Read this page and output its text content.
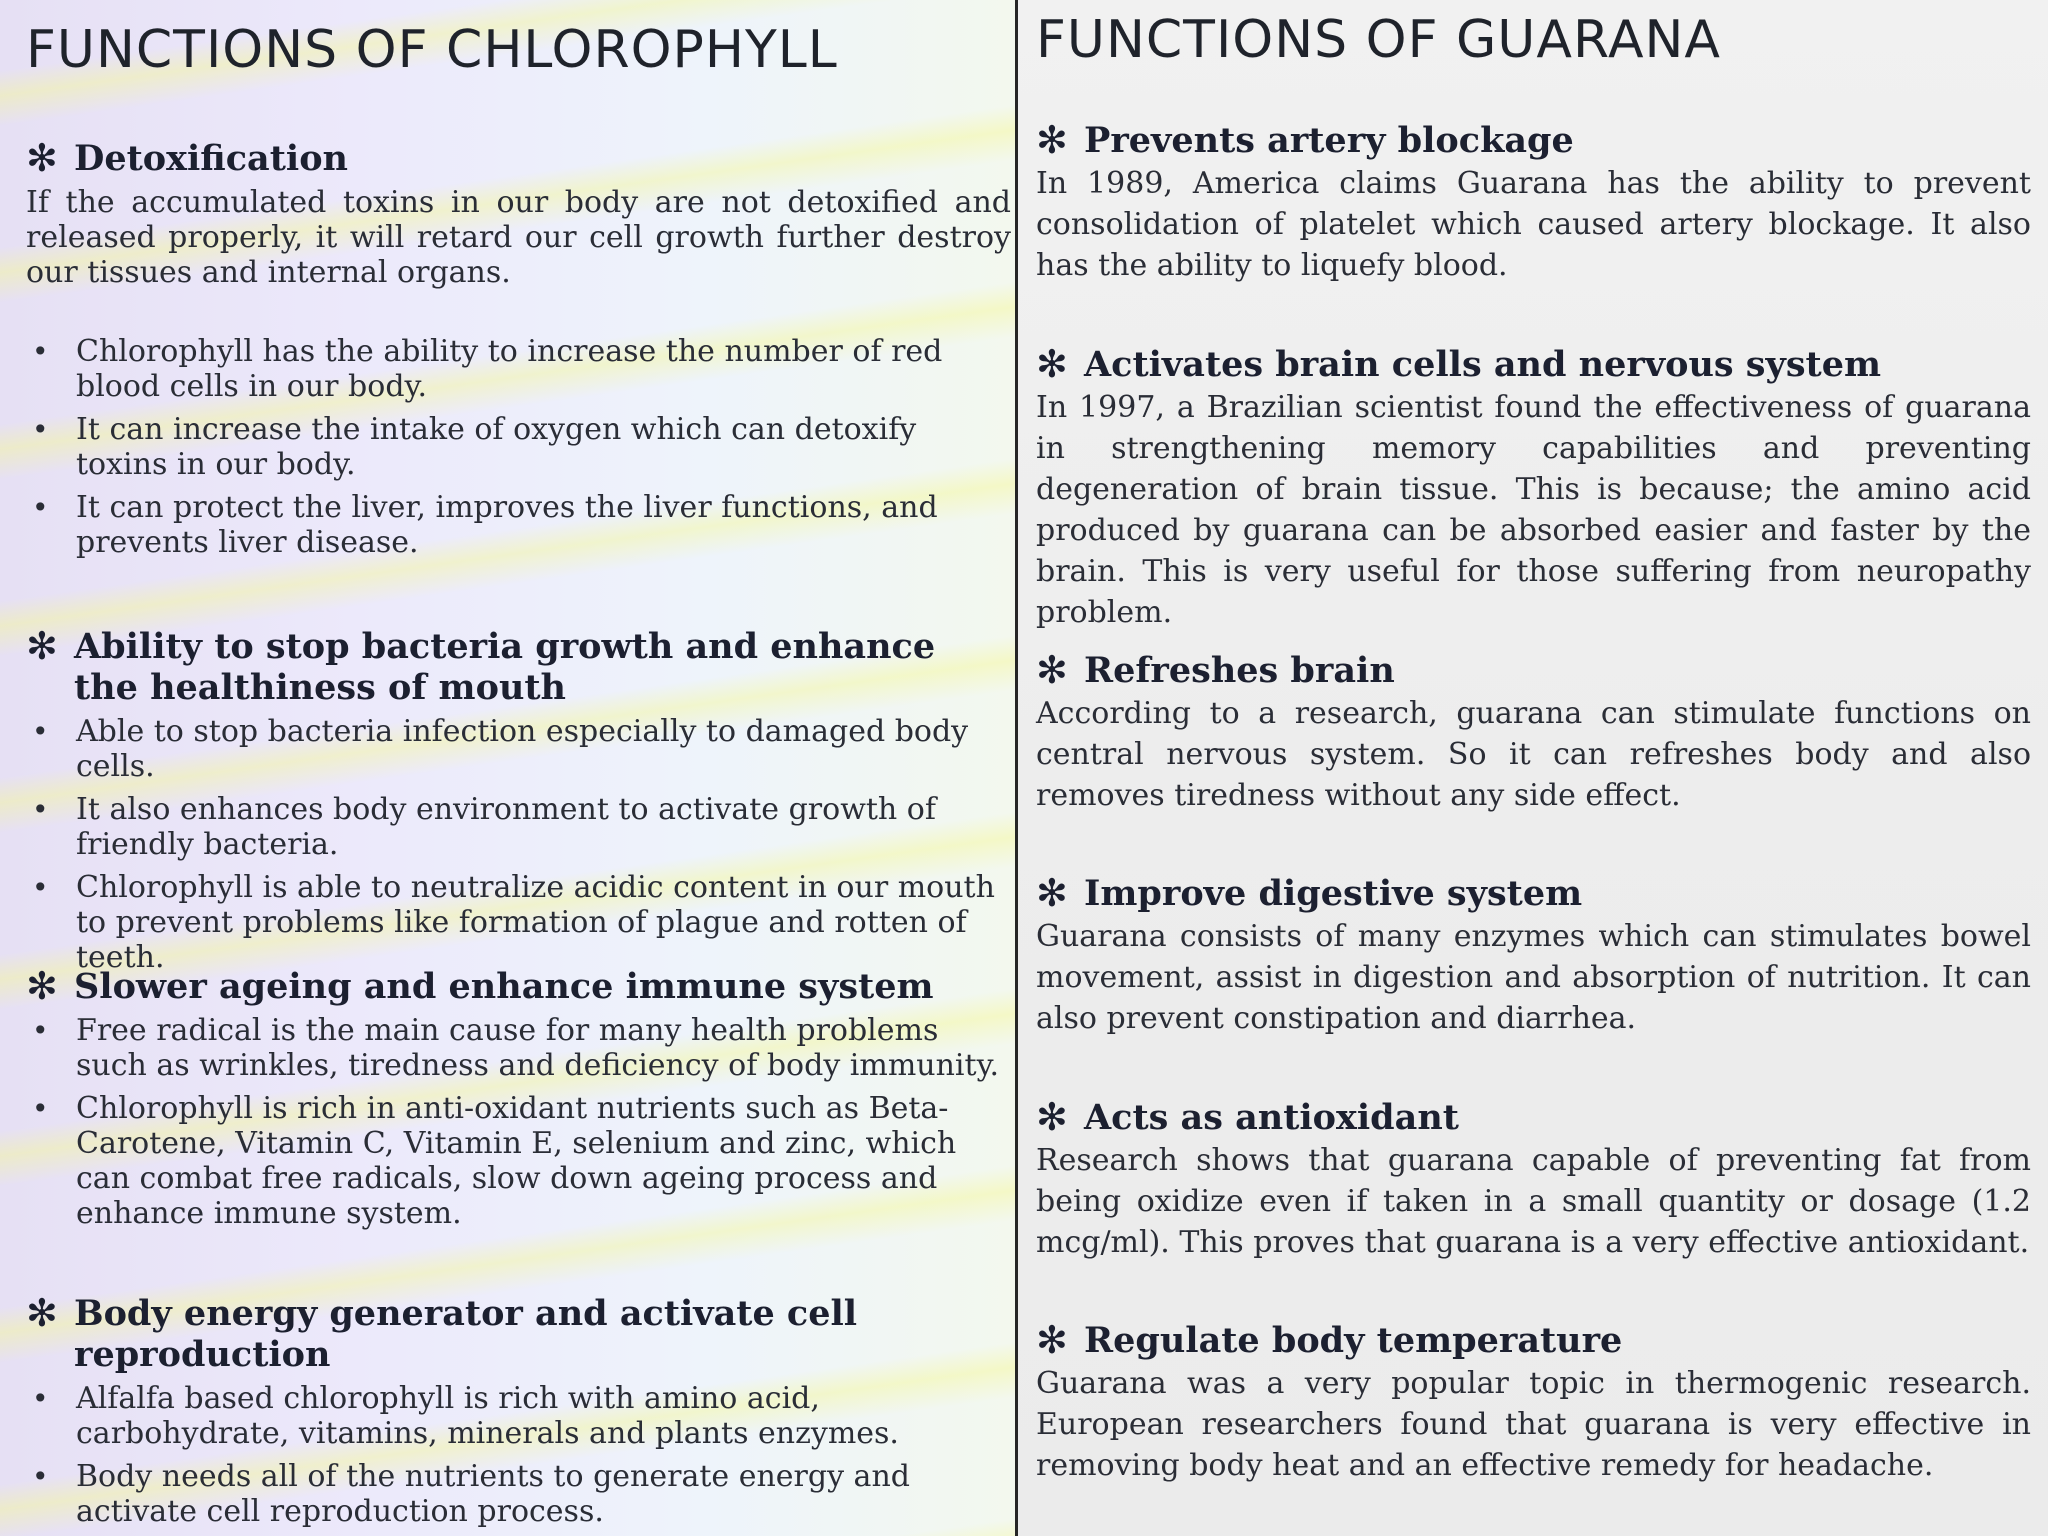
FUNCTIONS OF CHLOROPHYLL
✻ Detoxification

If the accumulated toxins in our body are not detoxified and released properly, it will retard our cell growth further destroy our tissues and internal organs.

• Chlorophyll has the ability to increase the number of red blood cells in our body.
• It can increase the intake of oxygen which can detoxify toxins in our body.
• It can protect the liver, improves the liver functions, and prevents liver disease.
✻ Ability to stop bacteria growth and enhance the healthiness of mouth
• Able to stop bacteria infection especially to damaged body cells.
• It also enhances body environment to activate growth of friendly bacteria.
• Chlorophyll is able to neutralize acidic content in our mouth to prevent problems like formation of plague and rotten of teeth.
✻ Slower ageing and enhance immune system
• Free radical is the main cause for many health problems such as wrinkles, tiredness and deficiency of body immunity.
• Chlorophyll is rich in anti-oxidant nutrients such as Beta-Carotene, Vitamin C, Vitamin E, selenium and zinc, which can combat free radicals, slow down ageing process and enhance immune system.
✻ Body energy generator and activate cell reproduction
• Alfalfa based chlorophyll is rich with amino acid, carbohydrate, vitamins, minerals and plants enzymes.
• Body needs all of the nutrients to generate energy and activate cell reproduction process.
FUNCTIONS OF GUARANA
✻ Prevents artery blockage

In 1989, America claims Guarana has the ability to prevent consolidation of platelet which caused artery blockage. It also has the ability to liquefy blood.

✻ Activates brain cells and nervous system

In 1997, a Brazilian scientist found the effectiveness of guarana in strengthening memory capabilities and preventing degeneration of brain tissue. This is because; the amino acid produced by guarana can be absorbed easier and faster by the brain. This is very useful for those suffering from neuropathy problem.

✻ Refreshes brain

According to a research, guarana can stimulate functions on central nervous system. So it can refreshes body and also removes tiredness without any side effect.

✻ Improve digestive system

Guarana consists of many enzymes which can stimulates bowel movement, assist in digestion and absorption of nutrition. It can also prevent constipation and diarrhea.

✻ Acts as antioxidant

Research shows that guarana capable of preventing fat from being oxidize even if taken in a small quantity or dosage (1.2 mcg/ml). This proves that guarana is a very effective antioxidant.

✻ Regulate body temperature

Guarana was a very popular topic in thermogenic research. European researchers found that guarana is very effective in removing body heat and an effective remedy for headache.
